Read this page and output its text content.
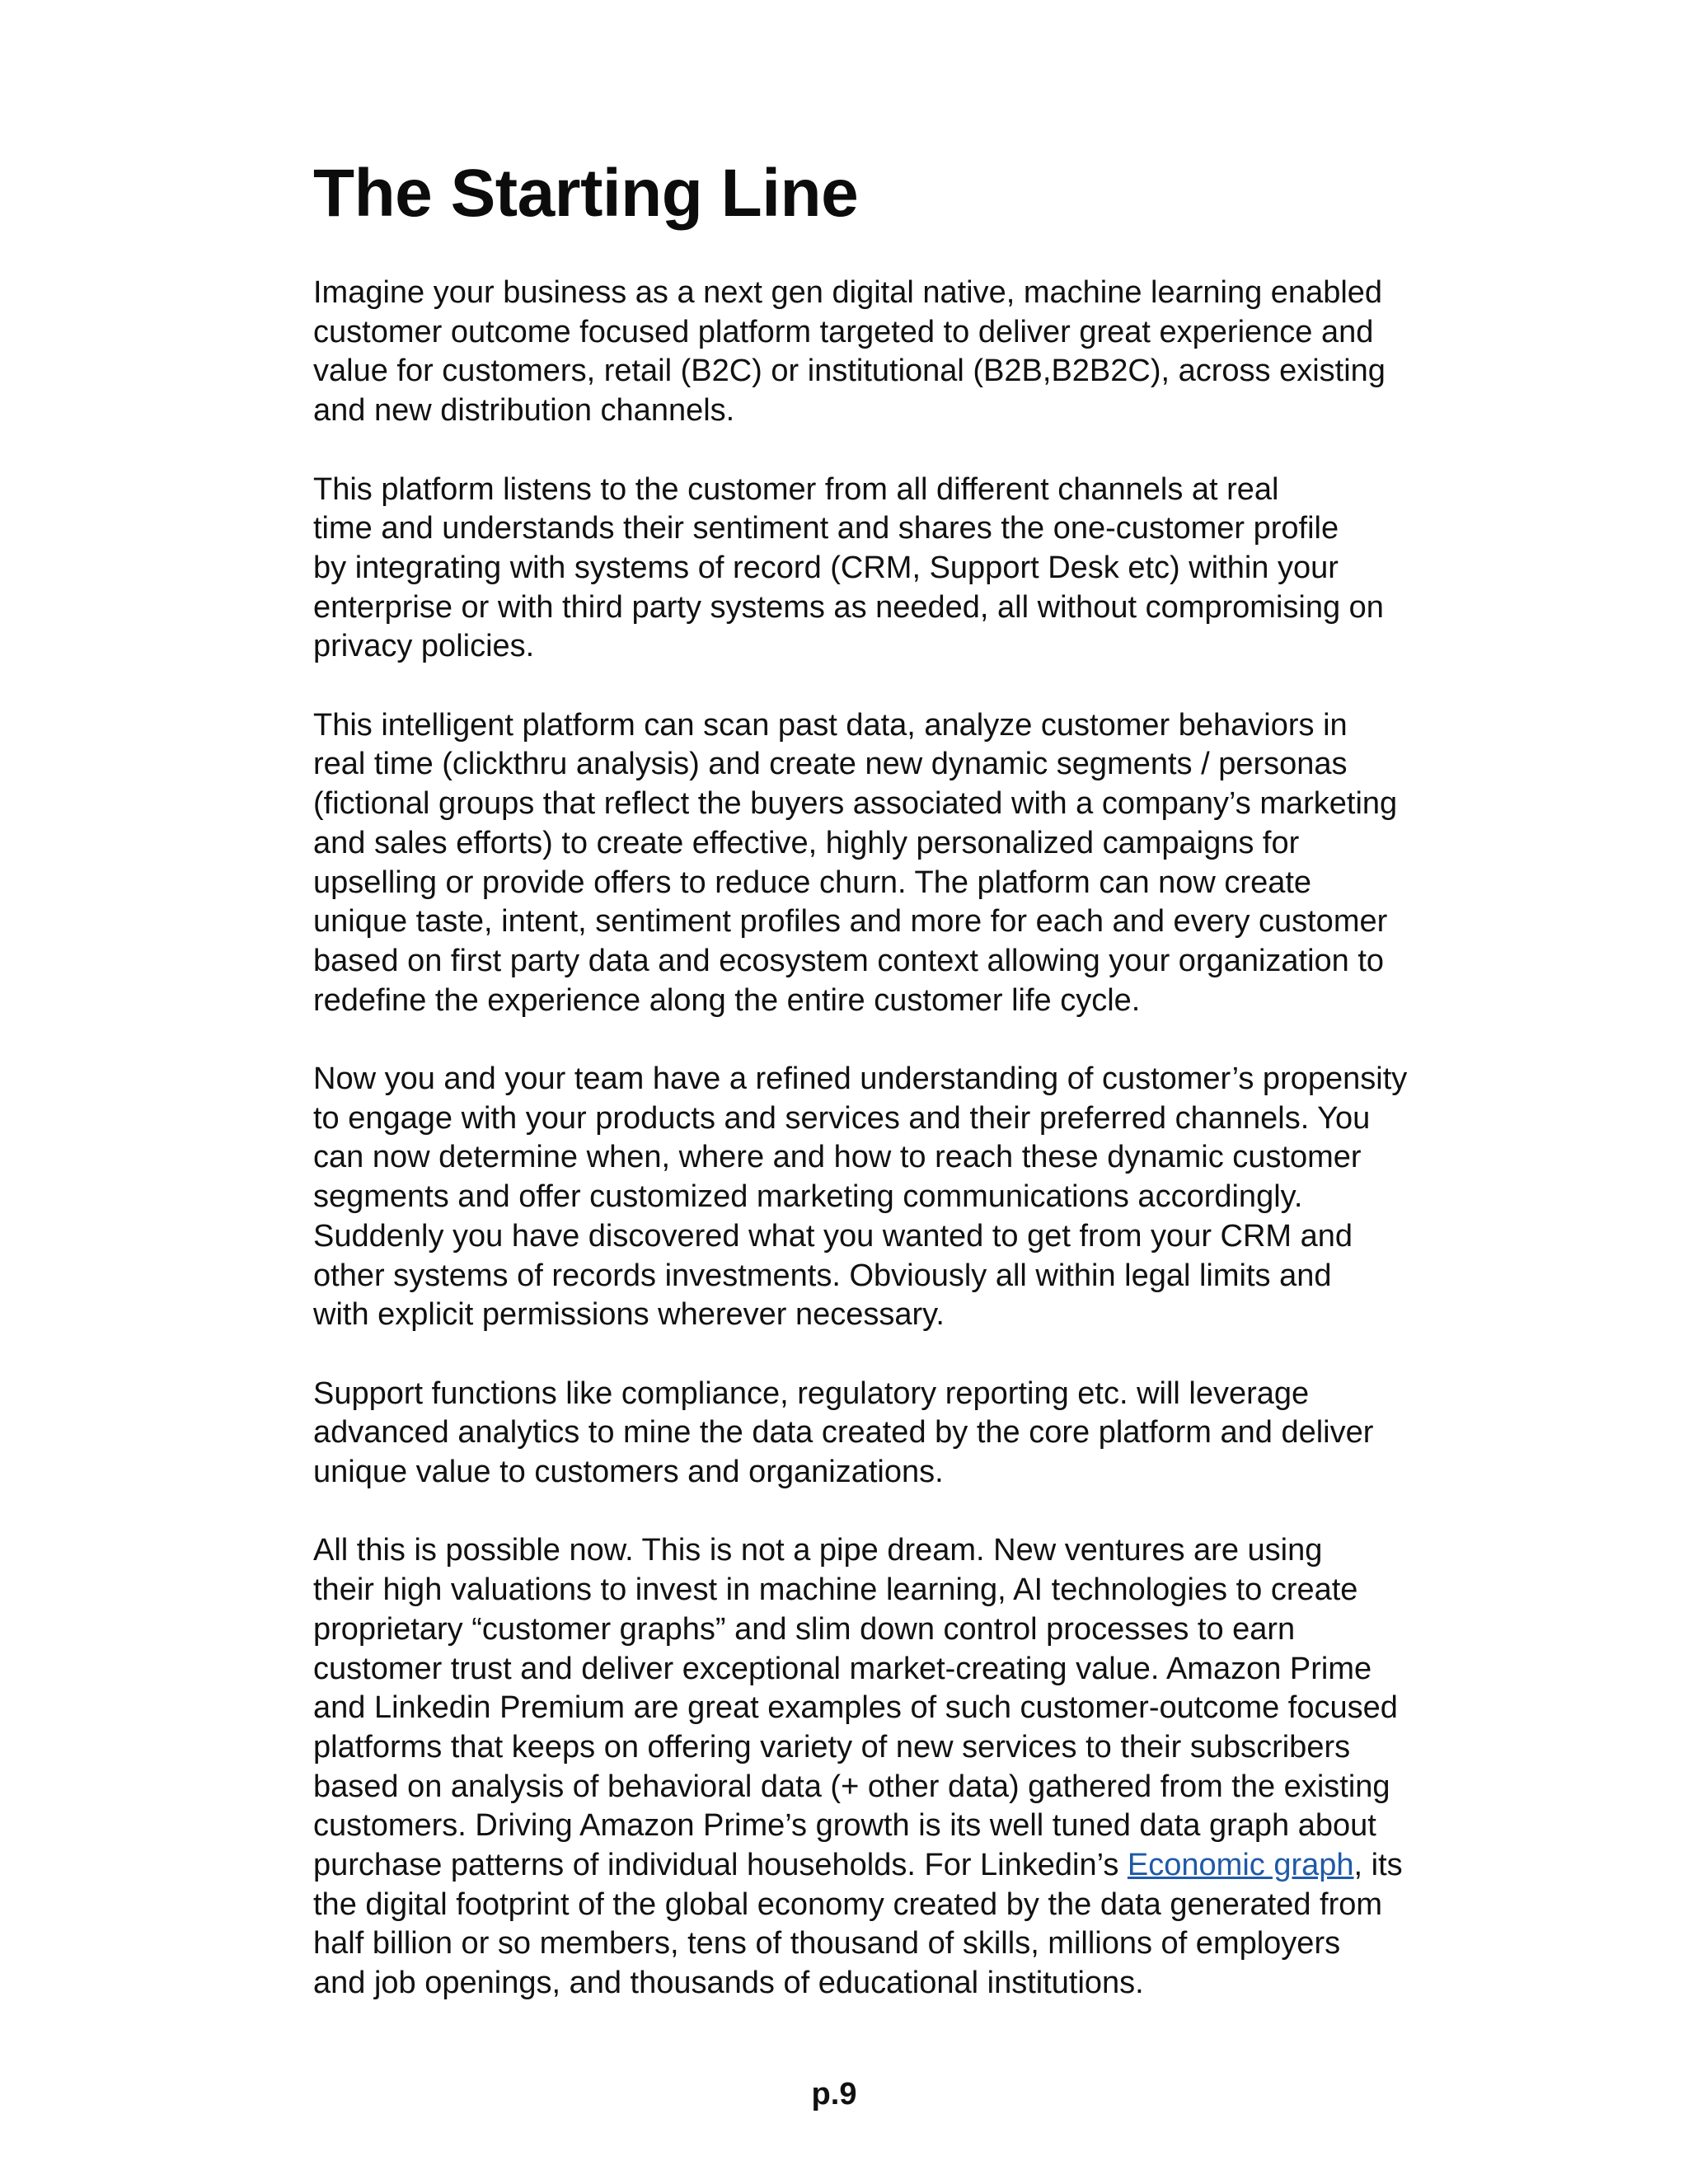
The Starting Line
Imagine your business as a next gen digital native, machine learning enabled
customer outcome focused platform targeted to deliver great experience and
value for customers, retail (B2C) or institutional (B2B,B2B2C), across existing
and new distribution channels.
This platform listens to the customer from all different channels at real
time and understands their sentiment and shares the one-customer profile
by integrating with systems of record (CRM, Support Desk etc) within your
enterprise or with third party systems as needed, all without compromising on
privacy policies.
This intelligent platform can scan past data, analyze customer behaviors in
real time (clickthru analysis) and create new dynamic segments / personas
(fictional groups that reflect the buyers associated with a company’s marketing
and sales efforts) to create effective, highly personalized campaigns for
upselling or provide offers to reduce churn. The platform can now create
unique taste, intent, sentiment profiles and more for each and every customer
based on first party data and ecosystem context allowing your organization to
redefine the experience along the entire customer life cycle.
Now you and your team have a refined understanding of customer’s propensity
to engage with your products and services and their preferred channels. You
can now determine when, where and how to reach these dynamic customer
segments and offer customized marketing communications accordingly.
Suddenly you have discovered what you wanted to get from your CRM and
other systems of records investments. Obviously all within legal limits and
with explicit permissions wherever necessary.
Support functions like compliance, regulatory reporting etc. will leverage
advanced analytics to mine the data created by the core platform and deliver
unique value to customers and organizations.
All this is possible now. This is not a pipe dream. New ventures are using
their high valuations to invest in machine learning, AI technologies to create
proprietary “customer graphs” and slim down control processes to earn
customer trust and deliver exceptional market-creating value. Amazon Prime
and Linkedin Premium are great examples of such customer-outcome focused
platforms that keeps on offering variety of new services to their subscribers
based on analysis of behavioral data (+ other data) gathered from the existing
customers. Driving Amazon Prime’s growth is its well tuned data graph about
purchase patterns of individual households. For Linkedin’s Economic graph, its
the digital footprint of the global economy created by the data generated from
half billion or so members, tens of thousand of skills, millions of employers
and job openings, and thousands of educational institutions.
p.9
